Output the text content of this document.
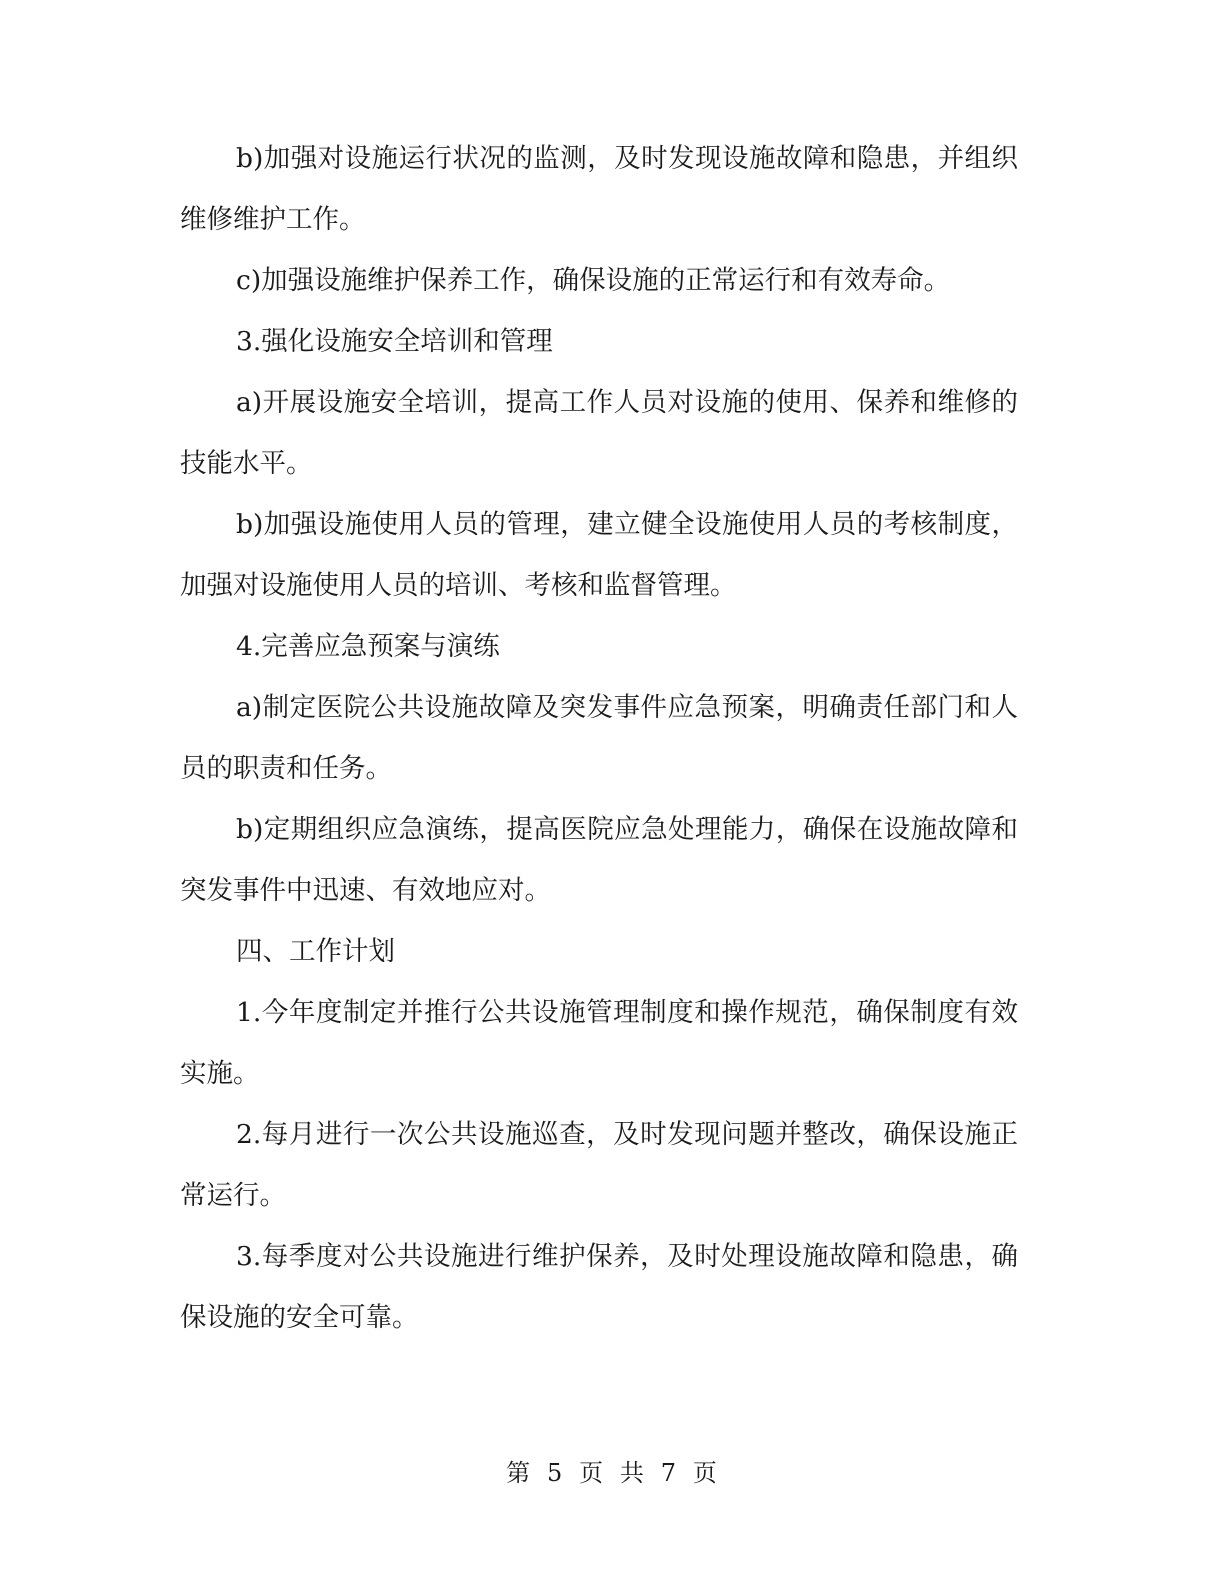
b)加强对设施运行状况的监测，及时发现设施故障和隐患，并组织维修维护工作。

c)加强设施维护保养工作，确保设施的正常运行和有效寿命。

3.强化设施安全培训和管理

a)开展设施安全培训，提高工作人员对设施的使用、保养和维修的技能水平。

b)加强设施使用人员的管理，建立健全设施使用人员的考核制度，加强对设施使用人员的培训、考核和监督管理。

4.完善应急预案与演练

a)制定医院公共设施故障及突发事件应急预案，明确责任部门和人员的职责和任务。

b)定期组织应急演练，提高医院应急处理能力，确保在设施故障和突发事件中迅速、有效地应对。

四、工作计划

1.今年度制定并推行公共设施管理制度和操作规范，确保制度有效实施。

2.每月进行一次公共设施巡查，及时发现问题并整改，确保设施正常运行。

3.每季度对公共设施进行维护保养，及时处理设施故障和隐患，确保设施的安全可靠。

第 5 页 共 7 页
